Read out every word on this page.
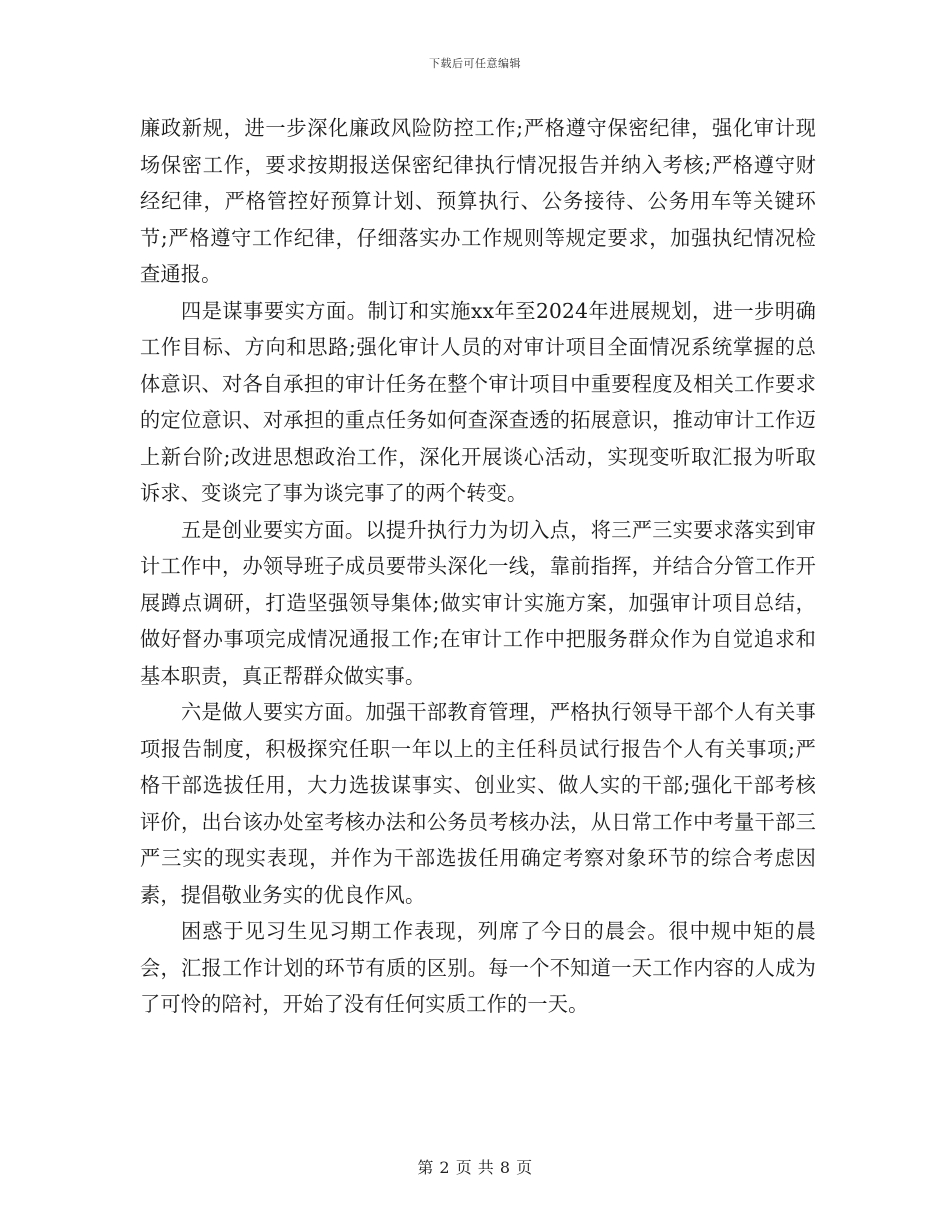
下载后可任意编辑

廉政新规，进一步深化廉政风险防控工作;严格遵守保密纪律，强化审计现场保密工作，要求按期报送保密纪律执行情况报告并纳入考核;严格遵守财经纪律，严格管控好预算计划、预算执行、公务接待、公务用车等关键环节;严格遵守工作纪律，仔细落实办工作规则等规定要求，加强执纪情况检查通报。

四是谋事要实方面。制订和实施xx年至2024年进展规划，进一步明确工作目标、方向和思路;强化审计人员的对审计项目全面情况系统掌握的总体意识、对各自承担的审计任务在整个审计项目中重要程度及相关工作要求的定位意识、对承担的重点任务如何查深查透的拓展意识，推动审计工作迈上新台阶;改进思想政治工作，深化开展谈心活动，实现变听取汇报为听取诉求、变谈完了事为谈完事了的两个转变。

五是创业要实方面。以提升执行力为切入点，将三严三实要求落实到审计工作中，办领导班子成员要带头深化一线，靠前指挥，并结合分管工作开展蹲点调研，打造坚强领导集体;做实审计实施方案，加强审计项目总结，做好督办事项完成情况通报工作;在审计工作中把服务群众作为自觉追求和基本职责，真正帮群众做实事。

六是做人要实方面。加强干部教育管理，严格执行领导干部个人有关事项报告制度，积极探究任职一年以上的主任科员试行报告个人有关事项;严格干部选拔任用，大力选拔谋事实、创业实、做人实的干部;强化干部考核评价，出台该办处室考核办法和公务员考核办法，从日常工作中考量干部三严三实的现实表现，并作为干部选拔任用确定考察对象环节的综合考虑因素，提倡敬业务实的优良作风。

困惑于见习生见习期工作表现，列席了今日的晨会。很中规中矩的晨会，汇报工作计划的环节有质的区别。每一个不知道一天工作内容的人成为了可怜的陪衬，开始了没有任何实质工作的一天。

第 2 页 共 8 页
